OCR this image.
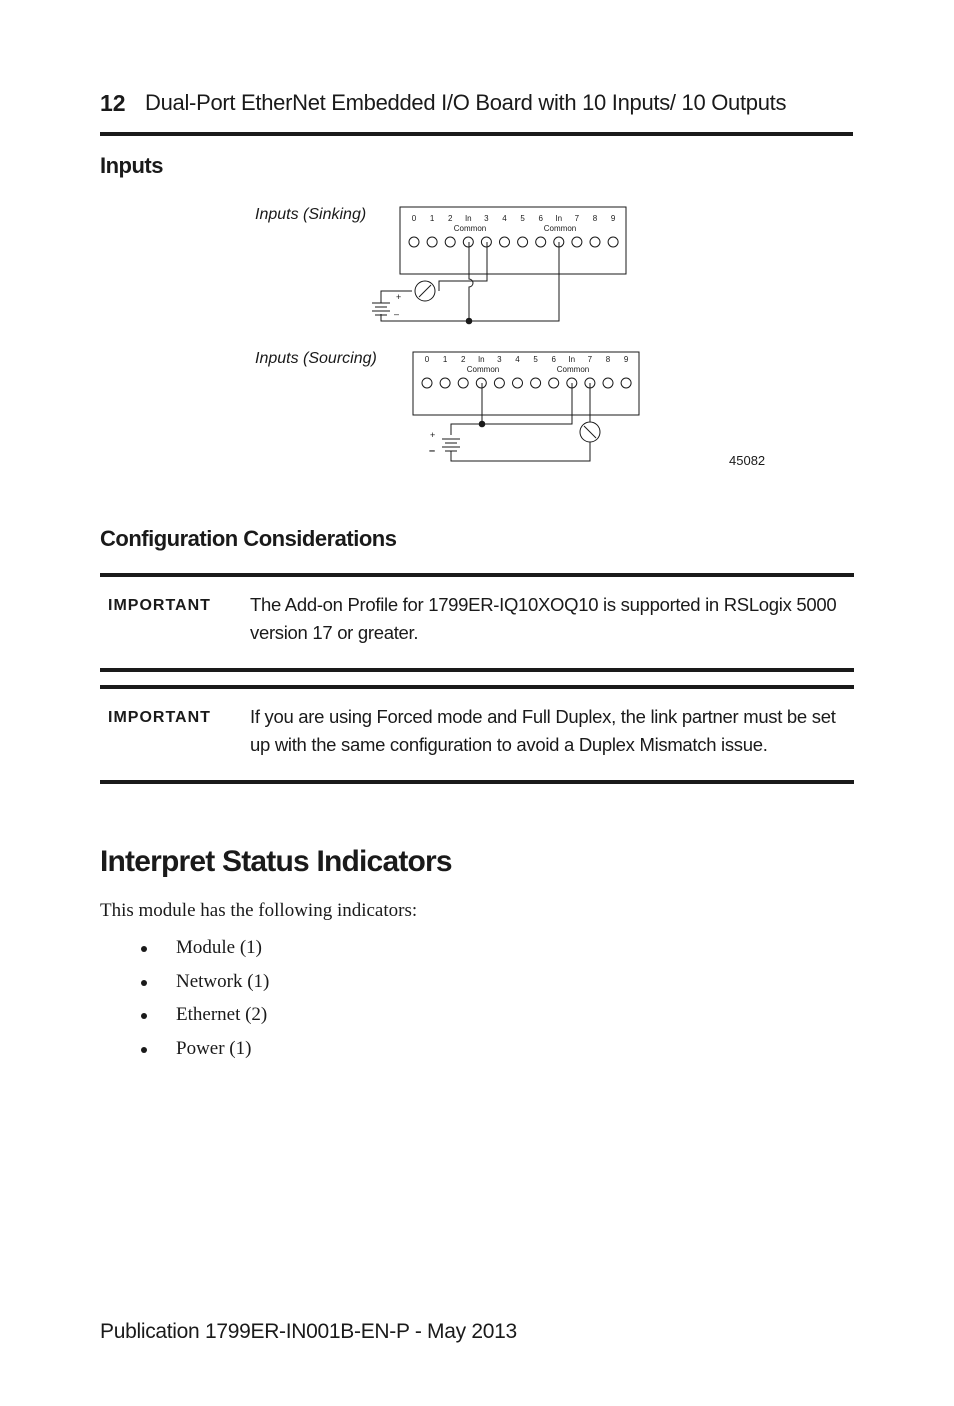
12 Dual-Port EtherNet Embedded I/O Board with 10 Inputs/ 10 Outputs
Inputs
Inputs (Sinking)	0 1 2 In 3 4 5 6 In 7 8 9
Common	Common
+
–
Inputs (Sourcing)	0 1 2 In 3 4 5 6 In 7 8 9
Common	Common
+
–
45082
Configuration Considerations
IMPORTANT The Add-on Profile for 1799ER-IQ10XOQ10 is supported in RSLogix 5000
version 17 or greater.
IMPORTANT If you are using Forced mode and Full Duplex, the link partner must be set
up with the same configuration to avoid a Duplex Mismatch issue.
Interpret Status Indicators
This module has the following indicators:
Module (1)
Network (1)
Ethernet (2)
Power (1)
Publication 1799ER-IN001B-EN-P - May 2013
